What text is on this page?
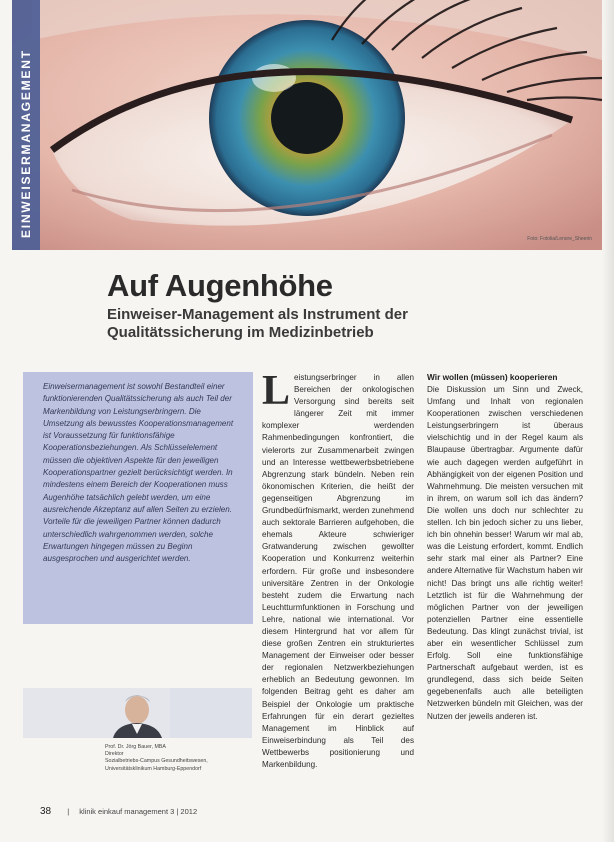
EINWEISERMANAGEMENT
Foto: Fotolia/Lenore_Sheerin
Auf Augenhöhe
Einweiser-Management als Instrument der Qualitätssicherung im Medizinbetrieb

Einweisermanagement ist sowohl Bestandteil einer funktionierenden Qualitätssicherung als auch Teil der Markenbildung von Leistungserbringern. Die Umsetzung als bewusstes Kooperationsmanagement ist Voraussetzung für funktionsfähige Kooperationsbeziehungen. Als Schlüsselelement müssen die objektiven Aspekte für den jeweiligen Kooperationspartner gezielt berücksichtigt werden. In mindestens einem Bereich der Kooperationen muss Augenhöhe tatsächlich gelebt werden, um eine ausreichende Akzeptanz auf allen Seiten zu erzielen. Vorteile für die jeweiligen Partner können dadurch unterschiedlich wahrgenommen werden, solche Erwartungen hingegen müssen zu Beginn ausgesprochen und ausgerichtet werden.

Prof. Dr. Jörg Bauer, MBA
Direktor
Sozialbetriebs-Campus Gesundheitswesen,
Universitätsklinikum Hamburg-Eppendorf

Leistungserbringer in allen Bereichen der onkologischen Versorgung sind bereits seit längerer Zeit mit immer komplexer werdenden Rahmenbedingungen konfrontiert, die vielerorts zur Zusammenarbeit zwingen und an Interesse wettbewerbsbetriebene Abgrenzung stark bündeln. Neben rein ökonomischen Kriterien, die heißt der gegenseitigen Abgrenzung im Grundbedürfnismarkt, werden zunehmend auch sektorale Barrieren aufgehoben, die ehemals Akteure schwieriger Gratwanderung zwischen gewollter Kooperation und Konkurrenz weiterhin erfordern. Für große und insbesondere universitäre Zentren in der Onkologie besteht zudem die Erwartung nach Leuchtturmfunktionen in Forschung und Lehre, national wie international. Vor diesem Hintergrund hat vor allem für diese großen Zentren ein strukturiertes Management der Einweiser oder besser der regionalen Netzwerkbeziehungen erheblich an Bedeutung gewonnen. Im folgenden Beitrag geht es daher am Beispiel der Onkologie um praktische Erfahrungen für ein derart gezieltes Management im Hinblick auf Einweiserbindung als Teil des Wettbewerbs positionierung und Markenbildung.

Wir wollen (müssen) kooperieren

Die Diskussion um Sinn und Zweck, Umfang und Inhalt von regionalen Kooperationen zwischen verschiedenen Leistungserbringern ist überaus vielschichtig und in der Regel kaum als Blaupause übertragbar. Argumente dafür wie auch dagegen werden aufgeführt in Abhängigkeit von der eigenen Position und Wahrnehmung. Die meisten versuchen mit in ihrem, on warum soll ich das ändern? Die wollen uns doch nur schlechter zu stellen. Ich bin jedoch sicher zu uns lieber, ich bin ohnehin besser! Warum wir mal ab, was die Leistung erfordert, kommt. Endlich sehr stark mal einer als Partner? Eine andere Alternative für Wachstum haben wir nicht! Das bringt uns alle richtig weiter! Letztlich ist für die Wahrnehmung der möglichen Partner von der jeweiligen potenziellen Partner eine essentielle Bedeutung. Das klingt zunächst trivial, ist aber ein wesentlicher Schlüssel zum Erfolg. Soll eine funktionsfähige Partnerschaft aufgebaut werden, ist es grundlegend, dass sich beide Seiten gegebenenfalls auch alle beteiligten Netzwerken bündeln mit Gleichen, was der Nutzen der jeweils anderen ist.

38 | klinik einkauf management 3 | 2012
